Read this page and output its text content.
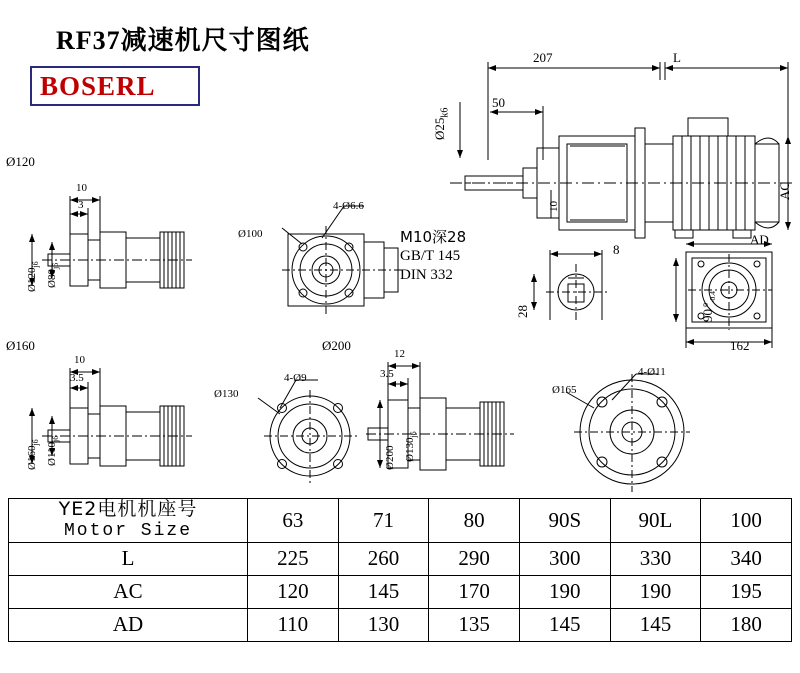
RF37减速机尺寸图纸
BOSERL
207	L
50
$Ø25_{k6}$
AC
10
M10深28
GB/T 145
DIN 332
8
28
AD
162
90 $^0_{-0.4}$
Ø120
10
3
$Ø120_{j6}$
$Ø80_{j6}$
4-Ø6.6
Ø100
Ø160
10
3.5
$Ø160_{j6}$ $Ø110_{j6}$
4-Ø9
Ø130
Ø200
12
3.5
Ø200 $Ø130_{j6}$
4-Ø11
Ø165
YE2电机机座号
Motor Size	63	71	80	90S	90L	100
L	225	260	290	300	330	340
AC	120	145	170	190	190	195
AD	110	130	135	145	145	180
